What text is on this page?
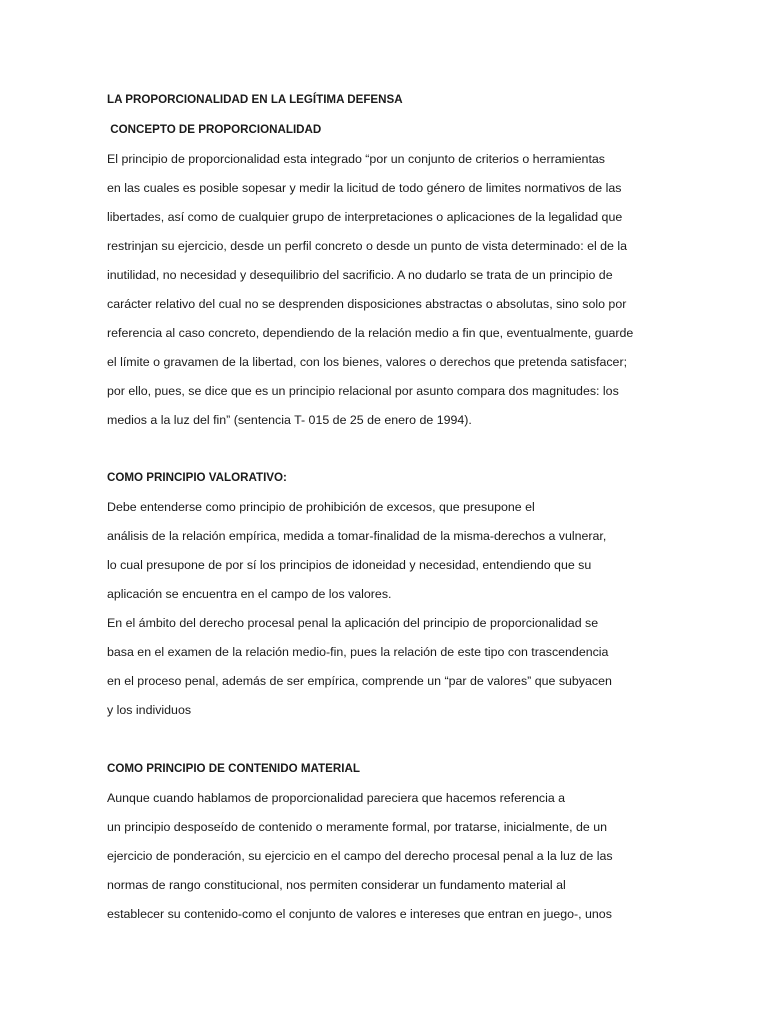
LA PROPORCIONALIDAD EN LA LEGÍTIMA DEFENSA
CONCEPTO DE PROPORCIONALIDAD
El principio de proporcionalidad esta integrado “por un conjunto de criterios o herramientas
en las cuales es posible sopesar y medir la licitud de todo género de limites normativos de las
libertades, así como de cualquier grupo de interpretaciones o aplicaciones de la legalidad que
restrinjan su ejercicio, desde un perfil concreto o desde un punto de vista determinado: el de la
inutilidad, no necesidad y desequilibrio del sacrificio. A no dudarlo se trata de un principio de
carácter relativo del cual no se desprenden disposiciones abstractas o absolutas, sino solo por
referencia al caso concreto, dependiendo de la relación medio a fin que, eventualmente, guarde
el límite o gravamen de la libertad, con los bienes, valores o derechos que pretenda satisfacer;
por ello, pues, se dice que es un principio relacional por asunto compara dos magnitudes: los
medios a la luz del fin” (sentencia T- 015 de 25 de enero de 1994).
COMO PRINCIPIO VALORATIVO:
Debe entenderse como principio de prohibición de excesos, que presupone el
análisis de la relación empírica, medida a tomar-finalidad de la misma-derechos a vulnerar,
lo cual presupone de por sí los principios de idoneidad y necesidad, entendiendo que su
aplicación se encuentra en el campo de los valores.
En el ámbito del derecho procesal penal la aplicación del principio de proporcionalidad se
basa en el examen de la relación medio-fin, pues la relación de este tipo con trascendencia
en el proceso penal, además de ser empírica, comprende un “par de valores” que subyacen
y los individuos
COMO PRINCIPIO DE CONTENIDO MATERIAL
Aunque cuando hablamos de proporcionalidad pareciera que hacemos referencia a
un principio desposeído de contenido o meramente formal, por tratarse, inicialmente, de un
ejercicio de ponderación, su ejercicio en el campo del derecho procesal penal a la luz de las
normas de rango constitucional, nos permiten considerar un fundamento material al
establecer su contenido-como el conjunto de valores e intereses que entran en juego-, unos
